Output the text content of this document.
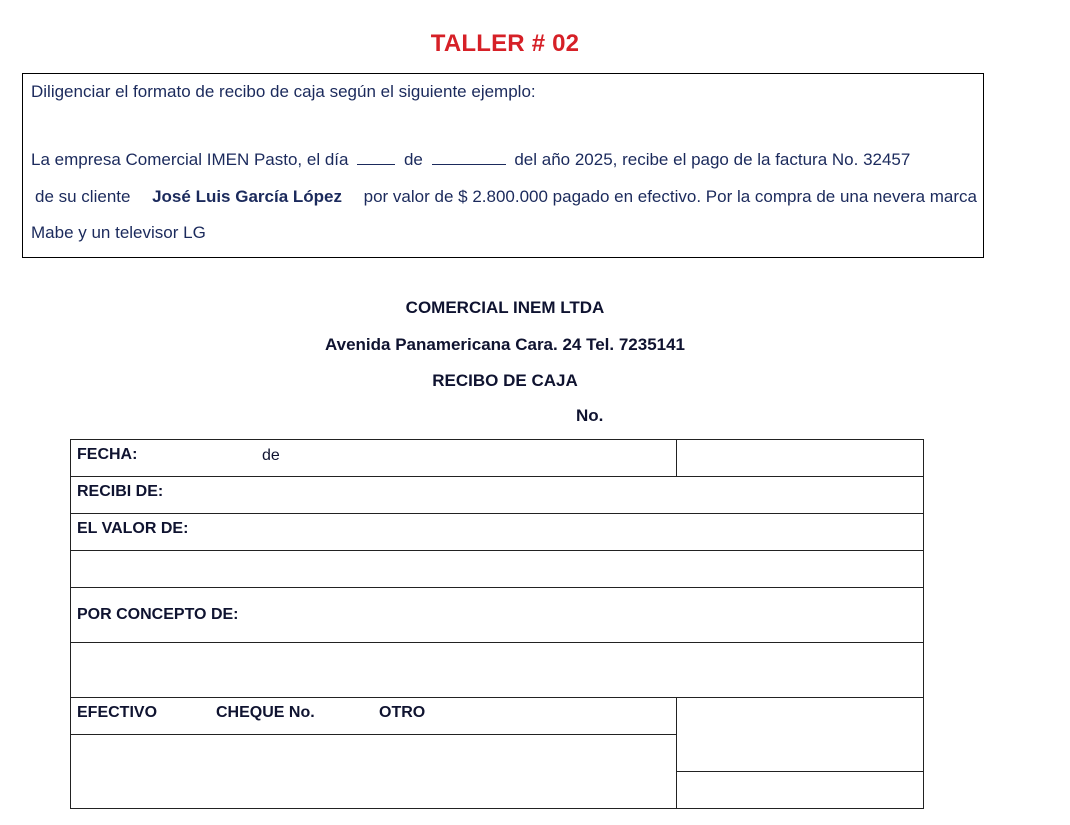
TALLER # 02
Diligenciar el formato de recibo de caja según el siguiente ejemplo:
La empresa Comercial IMEN Pasto, el día	de	del año 2025, recibe el pago de la factura No. 32457
de su cliente José Luis García López por valor de $ 2.800.000 pagado en efectivo. Por la compra de una nevera marca
Mabe y un televisor LG
COMERCIAL INEM LTDA
Avenida Panamericana Cara. 24 Tel. 7235141
RECIBO DE CAJA
No.
FECHA:	de
RECIBI DE:
EL VALOR DE:
POR CONCEPTO DE:
EFECTIVO	CHEQUE No.	OTRO
